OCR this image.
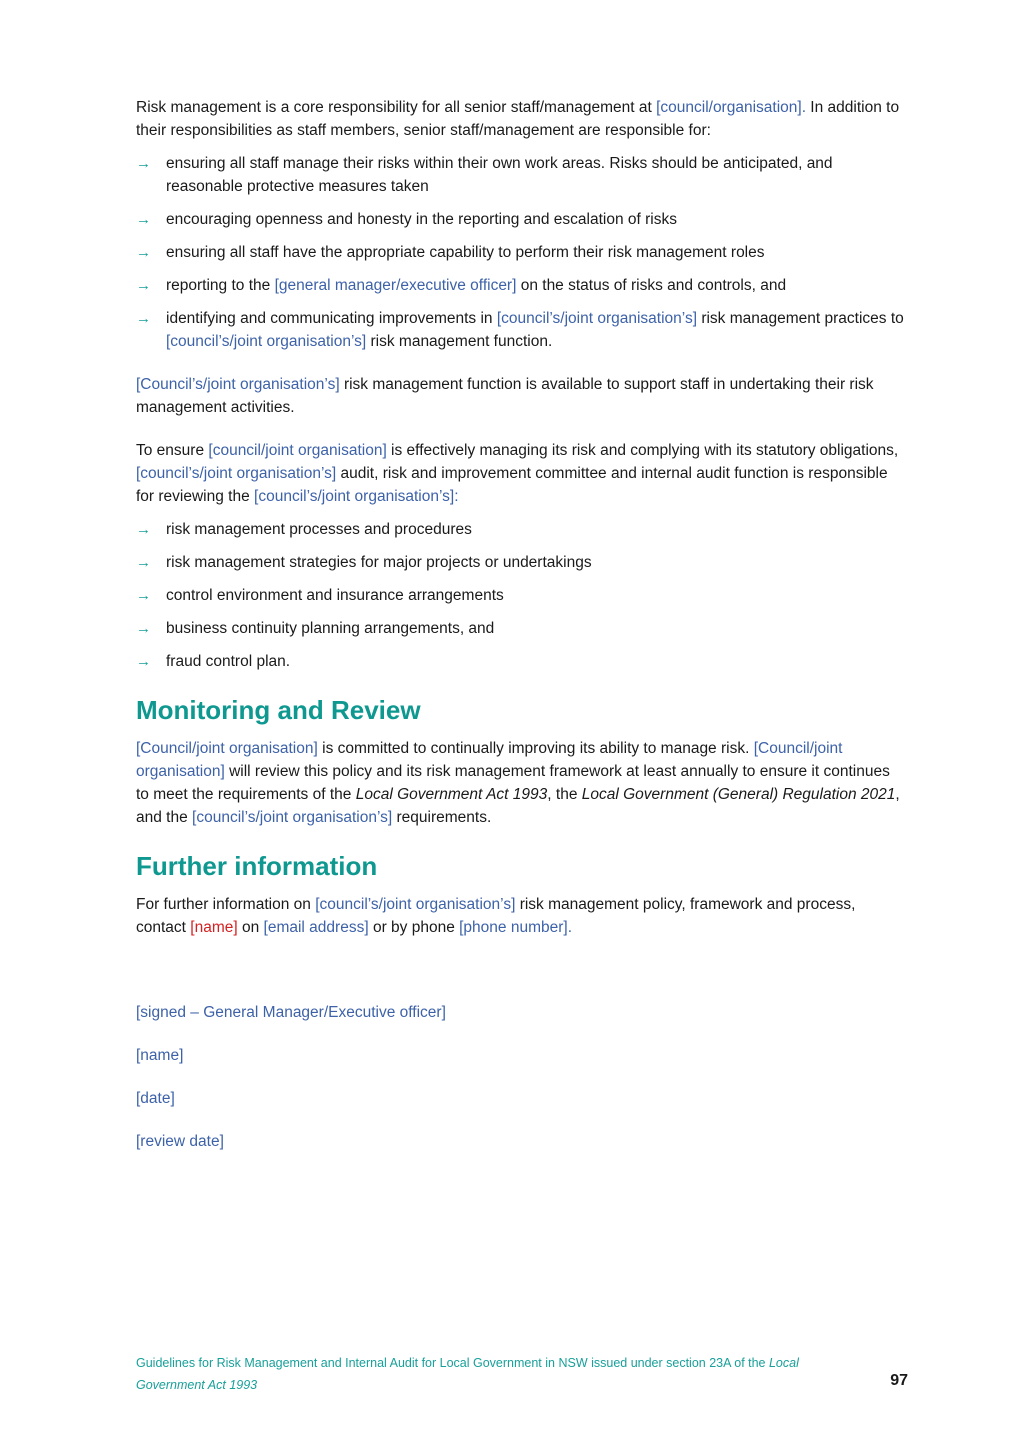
Risk management is a core responsibility for all senior staff/management at [council/organisation]. In addition to their responsibilities as staff members, senior staff/management are responsible for:

→ ensuring all staff manage their risks within their own work areas. Risks should be anticipated, and reasonable protective measures taken
→ encouraging openness and honesty in the reporting and escalation of risks
→ ensuring all staff have the appropriate capability to perform their risk management roles
→ reporting to the [general manager/executive officer] on the status of risks and controls, and
→ identifying and communicating improvements in [council’s/joint organisation’s] risk management practices to [council’s/joint organisation’s] risk management function.

[Council’s/joint organisation’s] risk management function is available to support staff in undertaking their risk management activities.

To ensure [council/joint organisation] is effectively managing its risk and complying with its statutory obligations, [council’s/joint organisation’s] audit, risk and improvement committee and internal audit function is responsible for reviewing the [council’s/joint organisation’s]:

→ risk management processes and procedures
→ risk management strategies for major projects or undertakings
→ control environment and insurance arrangements
→ business continuity planning arrangements, and
→ fraud control plan.
Monitoring and Review

[Council/joint organisation] is committed to continually improving its ability to manage risk. [Council/joint organisation] will review this policy and its risk management framework at least annually to ensure it continues to meet the requirements of the Local Government Act 1993, the Local Government (General) Regulation 2021, and the [council’s/joint organisation’s] requirements.

Further information

For further information on [council’s/joint organisation’s] risk management policy, framework and process, contact [name] on [email address] or by phone [phone number].

[signed – General Manager/Executive officer]

[name]

[date]

[review date]

Guidelines for Risk Management and Internal Audit for Local Government in NSW issued under section 23A of the Local Government Act 1993	97
